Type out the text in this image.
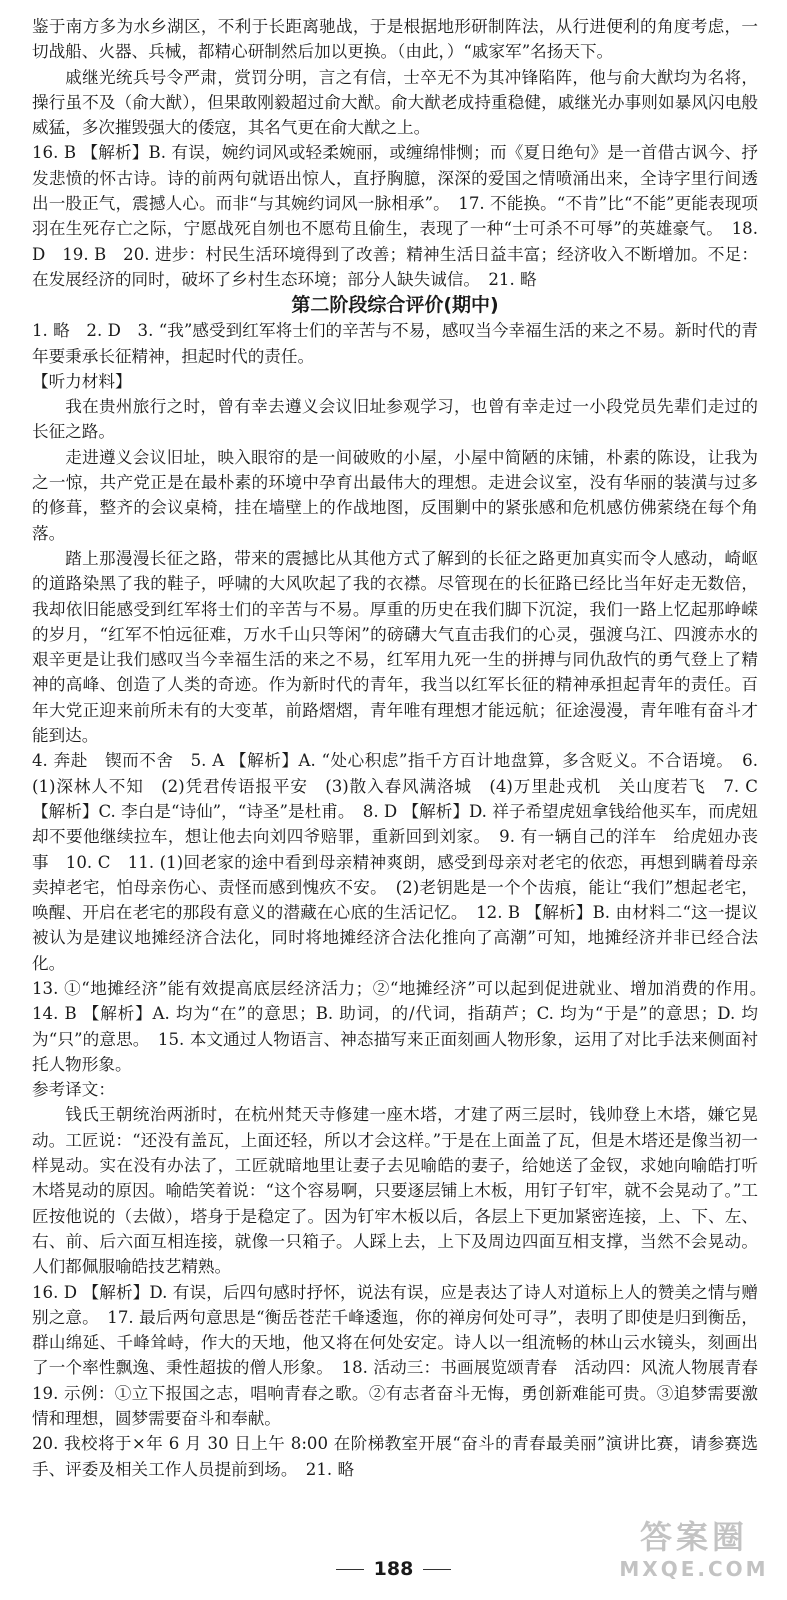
鉴于南方多为水乡湖区，不利于长距离驰战，于是根据地形研制阵法，从行进便利的角度考虑，一切战船、火器、兵械，都精心研制然后加以更换。（由此，）“戚家军”名扬天下。

戚继光统兵号令严肃，赏罚分明，言之有信，士卒无不为其冲锋陷阵，他与俞大猷均为名将，操行虽不及（俞大猷），但果敢刚毅超过俞大猷。俞大猷老成持重稳健，戚继光办事则如暴风闪电般威猛，多次摧毁强大的倭寇，其名气更在俞大猷之上。

16. B 【解析】B. 有误，婉约词风或轻柔婉丽，或缠绵悱恻；而《夏日绝句》是一首借古讽今、抒发悲愤的怀古诗。诗的前两句就语出惊人，直抒胸臆，深深的爱国之情喷涌出来，全诗字里行间透出一股正气，震撼人心。而非“与其婉约词风一脉相承”。　17. 不能换。“不肯”比“不能”更能表现项羽在生死存亡之际，宁愿战死自刎也不愿苟且偷生，表现了一种“士可杀不可辱”的英雄豪气。　18. D　19. B　20. 进步：村民生活环境得到了改善；精神生活日益丰富；经济收入不断增加。不足：在发展经济的同时，破坏了乡村生态环境；部分人缺失诚信。　21. 略

第二阶段综合评价(期中)

1. 略　2. D　3. “我”感受到红军将士们的辛苦与不易，感叹当今幸福生活的来之不易。新时代的青年要秉承长征精神，担起时代的责任。

【听力材料】

我在贵州旅行之时，曾有幸去遵义会议旧址参观学习，也曾有幸走过一小段党员先辈们走过的长征之路。

走进遵义会议旧址，映入眼帘的是一间破败的小屋，小屋中简陋的床铺，朴素的陈设，让我为之一惊，共产党正是在最朴素的环境中孕育出最伟大的理想。走进会议室，没有华丽的装潢与过多的修葺，整齐的会议桌椅，挂在墙壁上的作战地图，反围剿中的紧张感和危机感仿佛萦绕在每个角落。

踏上那漫漫长征之路，带来的震撼比从其他方式了解到的长征之路更加真实而令人感动，崎岖的道路染黑了我的鞋子，呼啸的大风吹起了我的衣襟。尽管现在的长征路已经比当年好走无数倍，我却依旧能感受到红军将士们的辛苦与不易。厚重的历史在我们脚下沉淀，我们一路上忆起那峥嵘的岁月，“红军不怕远征难，万水千山只等闲”的磅礴大气直击我们的心灵，强渡乌江、四渡赤水的艰辛更是让我们感叹当今幸福生活的来之不易，红军用九死一生的拼搏与同仇敌忾的勇气登上了精神的高峰、创造了人类的奇迹。作为新时代的青年，我当以红军长征的精神承担起青年的责任。百年大党正迎来前所未有的大变革，前路熠熠，青年唯有理想才能远航；征途漫漫，青年唯有奋斗才能到达。

4. 奔赴　锲而不舍　5. A 【解析】A. “处心积虑”指千方百计地盘算，多含贬义。不合语境。　6. (1)深林人不知　(2)凭君传语报平安　(3)散入春风满洛城　(4)万里赴戎机　关山度若飞　7. C 【解析】C. 李白是“诗仙”，“诗圣”是杜甫。　8. D 【解析】D. 祥子希望虎妞拿钱给他买车，而虎妞却不要他继续拉车，想让他去向刘四爷赔罪，重新回到刘家。　9. 有一辆自己的洋车　给虎妞办丧事　10. C　11. (1)回老家的途中看到母亲精神爽朗，感受到母亲对老宅的依恋，再想到瞒着母亲卖掉老宅，怕母亲伤心、责怪而感到愧疚不安。　(2)老钥匙是一个个齿痕，能让“我们”想起老宅，唤醒、开启在老宅的那段有意义的潜藏在心底的生活记忆。　12. B 【解析】B. 由材料二“这一提议被认为是建议地摊经济合法化，同时将地摊经济合法化推向了高潮”可知，地摊经济并非已经合法化。

13. ①“地摊经济”能有效提高底层经济活力；②“地摊经济”可以起到促进就业、增加消费的作用。　14. B 【解析】A. 均为“在”的意思；B. 助词，的/代词，指葫芦；C. 均为“于是”的意思；D. 均为“只”的意思。　15. 本文通过人物语言、神态描写来正面刻画人物形象，运用了对比手法来侧面衬托人物形象。

参考译文：

钱氏王朝统治两浙时，在杭州梵天寺修建一座木塔，才建了两三层时，钱帅登上木塔，嫌它晃动。工匠说：“还没有盖瓦，上面还轻，所以才会这样。”于是在上面盖了瓦，但是木塔还是像当初一样晃动。实在没有办法了，工匠就暗地里让妻子去见喻皓的妻子，给她送了金钗，求她向喻皓打听木塔晃动的原因。喻皓笑着说：“这个容易啊，只要逐层铺上木板，用钉子钉牢，就不会晃动了。”工匠按他说的（去做），塔身于是稳定了。因为钉牢木板以后，各层上下更加紧密连接，上、下、左、右、前、后六面互相连接，就像一只箱子。人踩上去，上下及周边四面互相支撑，当然不会晃动。人们都佩服喻皓技艺精熟。

16. D 【解析】D. 有误，后四句感时抒怀，说法有误，应是表达了诗人对道标上人的赞美之情与赠别之意。　17. 最后两句意思是“衡岳苍茫千峰逶迤，你的禅房何处可寻”，表明了即使是归到衡岳，群山绵延、千峰耸峙，作大的天地，他又将在何处安定。诗人以一组流畅的林山云水镜头，刻画出了一个率性飘逸、秉性超拔的僧人形象。　18. 活动三：书画展览颂青春　活动四：风流人物展青春　19. 示例：①立下报国之志，唱响青春之歌。②有志者奋斗无悔，勇创新难能可贵。③追梦需要激情和理想，圆梦需要奋斗和奉献。

20. 我校将于×年 6 月 30 日上午 8:00 在阶梯教室开展“奋斗的青春最美丽”演讲比赛，请参赛选手、评委及相关工作人员提前到场。　21. 略

188
答案圈
MXQE.COM
